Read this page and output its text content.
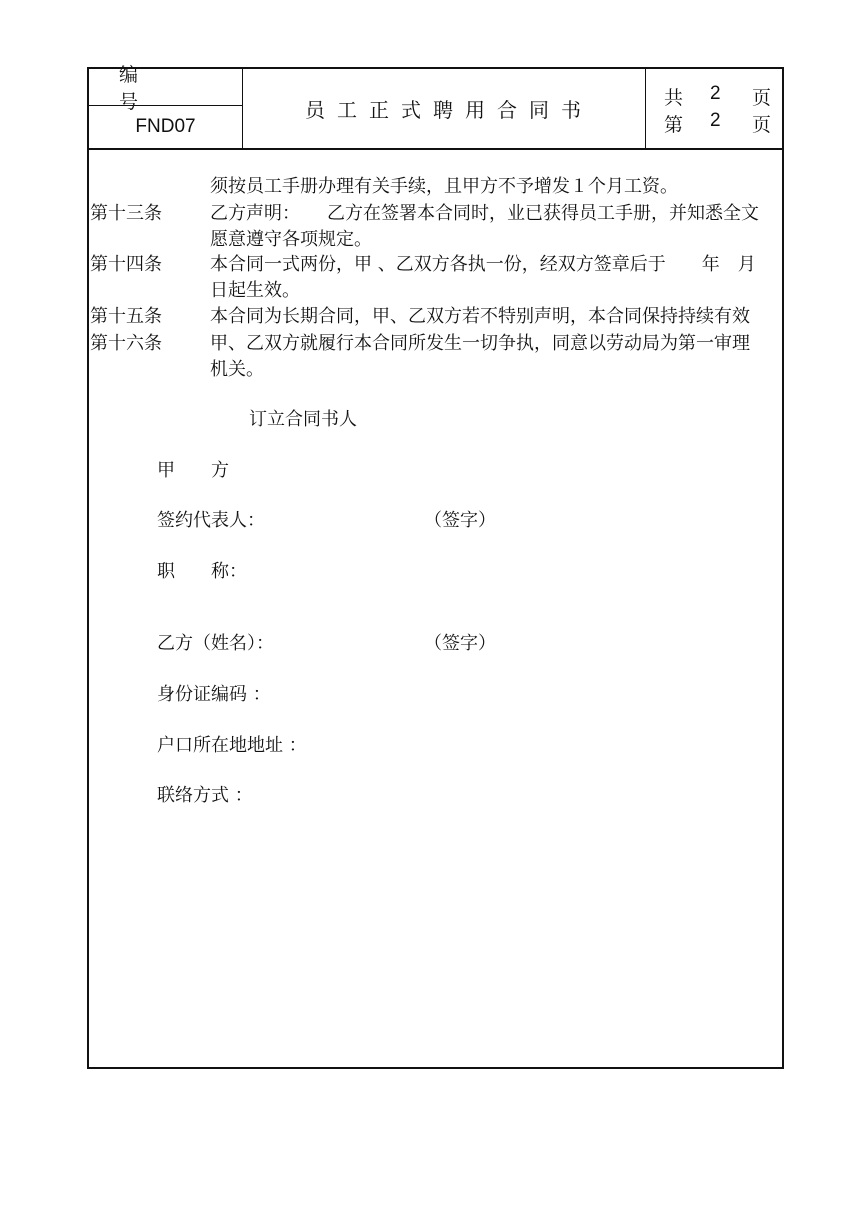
编 号
FND07
员工正式聘用合同书	共 2 页
第 2 页
须按员工手册办理有关手续，且甲方不予增发１个月工资。
第十三条	乙方声明：　　乙方在签署本合同时，业已获得员工手册，并知悉全文
愿意遵守各项规定。
第十四条	本合同一式两份，甲 、乙双方各执一份，经双方签章后于　　年　月
日起生效。
第十五条	本合同为长期合同，甲、乙双方若不特别声明，本合同保持持续有效
第十六条	甲、乙双方就履行本合同所发生一切争执，同意以劳动局为第一审理
机关。
订立合同书人
甲　　方
签约代表人：	（签字）
职　　称：
乙方（姓名）：	（签字）
身份证编码 ：
户口所在地地址 ：
联络方式 ：
